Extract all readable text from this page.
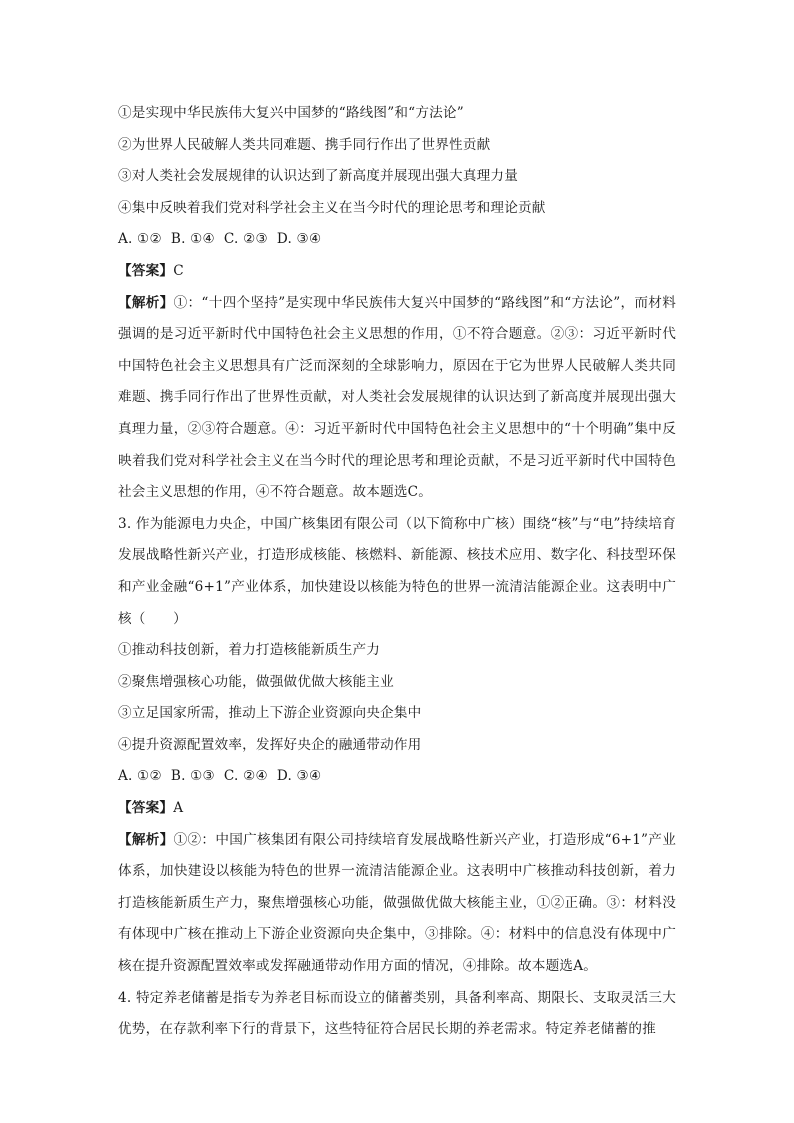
①是实现中华民族伟大复兴中国梦的“路线图”和“方法论”
②为世界人民破解人类共同难题、携手同行作出了世界性贡献
③对人类社会发展规律的认识达到了新高度并展现出强大真理力量
④集中反映着我们党对科学社会主义在当今时代的理论思考和理论贡献
A. ①②  B. ①④  C. ②③  D. ③④
【答案】C
【解析】①：“十四个坚持”是实现中华民族伟大复兴中国梦的“路线图”和“方法论”，而材料强调的是习近平新时代中国特色社会主义思想的作用，①不符合题意。②③：习近平新时代中国特色社会主义思想具有广泛而深刻的全球影响力，原因在于它为世界人民破解人类共同难题、携手同行作出了世界性贡献，对人类社会发展规律的认识达到了新高度并展现出强大真理力量，②③符合题意。④：习近平新时代中国特色社会主义思想中的“十个明确”集中反映着我们党对科学社会主义在当今时代的理论思考和理论贡献，不是习近平新时代中国特色社会主义思想的作用，④不符合题意。故本题选C。
3. 作为能源电力央企，中国广核集团有限公司（以下简称中广核）围绕“核”与“电”持续培育发展战略性新兴产业，打造形成核能、核燃料、新能源、核技术应用、数字化、科技型环保和产业金融“6+1”产业体系，加快建设以核能为特色的世界一流清洁能源企业。这表明中广核（　　）
①推动科技创新，着力打造核能新质生产力
②聚焦增强核心功能，做强做优做大核能主业
③立足国家所需，推动上下游企业资源向央企集中
④提升资源配置效率，发挥好央企的融通带动作用
A. ①②  B. ①③  C. ②④  D. ③④
【答案】A
【解析】①②：中国广核集团有限公司持续培育发展战略性新兴产业，打造形成“6+1”产业体系，加快建设以核能为特色的世界一流清洁能源企业。这表明中广核推动科技创新，着力打造核能新质生产力，聚焦增强核心功能，做强做优做大核能主业，①②正确。③：材料没有体现中广核在推动上下游企业资源向央企集中，③排除。④：材料中的信息没有体现中广核在提升资源配置效率或发挥融通带动作用方面的情况，④排除。故本题选A。
4. 特定养老储蓄是指专为养老目标而设立的储蓄类别，具备利率高、期限长、支取灵活三大优势，在存款利率下行的背景下，这些特征符合居民长期的养老需求。特定养老储蓄的推
